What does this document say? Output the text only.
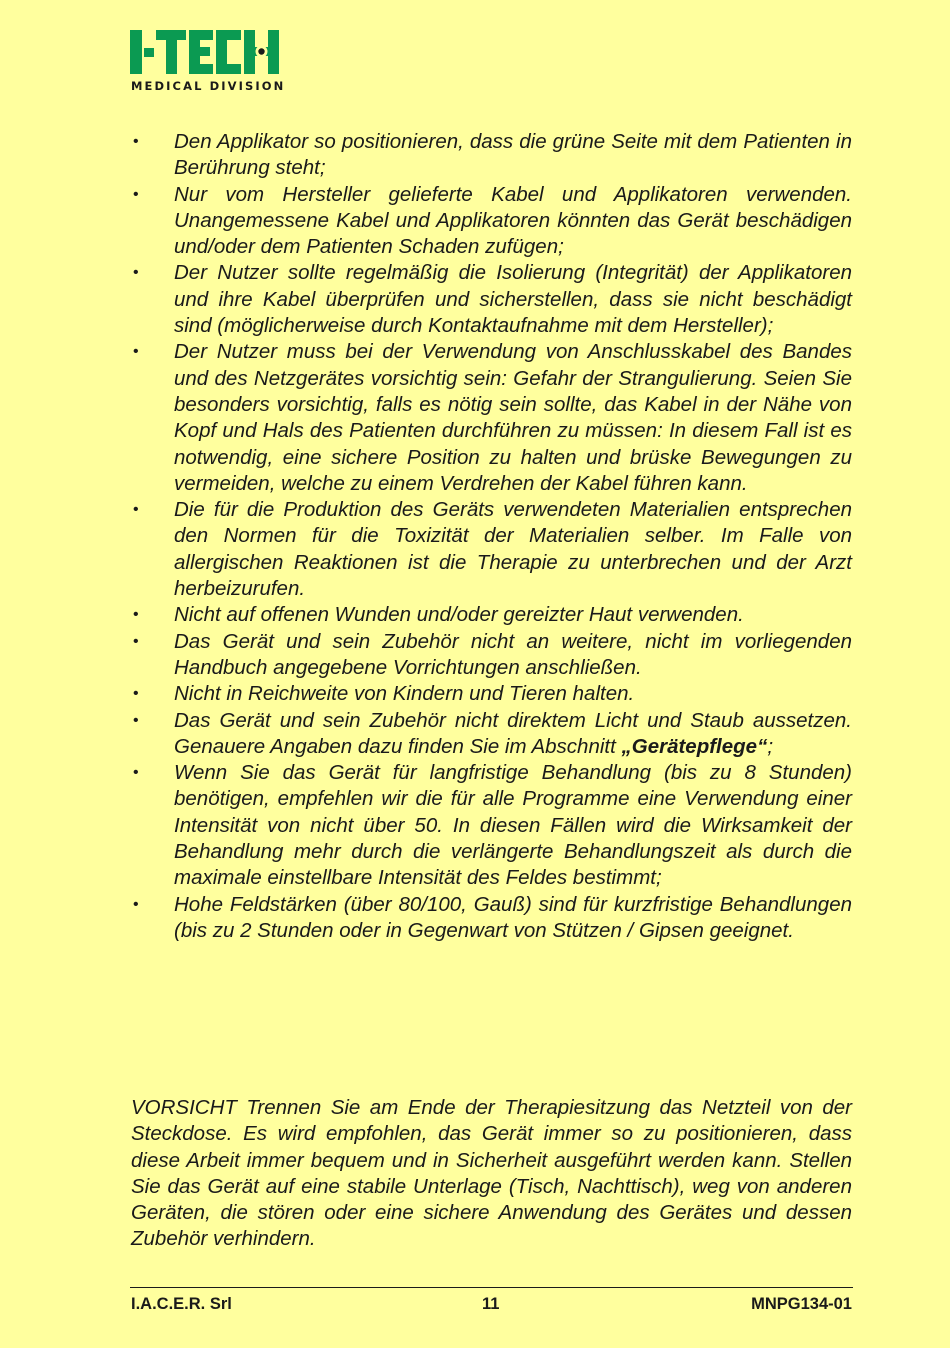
MEDICAL DIVISION
• Den Applikator so positionieren, dass die grüne Seite mit dem Patienten in Berührung steht;
• Nur vom Hersteller gelieferte Kabel und Applikatoren verwenden. Unangemessene Kabel und Applikatoren könnten das Gerät beschädigen und/oder dem Patienten Schaden zufügen;
• Der Nutzer sollte regelmäßig die Isolierung (Integrität) der Applikatoren und ihre Kabel überprüfen und sicherstellen, dass sie nicht beschädigt sind (möglicherweise durch Kontaktaufnahme mit dem Hersteller);
• Der Nutzer muss bei der Verwendung von Anschlusskabel des Bandes und des Netzgerätes vorsichtig sein: Gefahr der Strangulierung. Seien Sie besonders vorsichtig, falls es nötig sein sollte, das Kabel in der Nähe von Kopf und Hals des Patienten durchführen zu müssen: In diesem Fall ist es notwendig, eine sichere Position zu halten und brüske Bewegungen zu vermeiden, welche zu einem Verdrehen der Kabel führen kann.
• Die für die Produktion des Geräts verwendeten Materialien entsprechen den Normen für die Toxizität der Materialien selber. Im Falle von allergischen Reaktionen ist die Therapie zu unterbrechen und der Arzt herbeizurufen.
• Nicht auf offenen Wunden und/oder gereizter Haut verwenden.
• Das Gerät und sein Zubehör nicht an weitere, nicht im vorliegenden Handbuch angegebene Vorrichtungen anschließen.
• Nicht in Reichweite von Kindern und Tieren halten.
• Das Gerät und sein Zubehör nicht direktem Licht und Staub aussetzen. Genauere Angaben dazu finden Sie im Abschnitt „Gerätepflege“;
• Wenn Sie das Gerät für langfristige Behandlung (bis zu 8 Stunden) benötigen, empfehlen wir die für alle Programme eine Verwendung einer Intensität von nicht über 50. In diesen Fällen wird die Wirksamkeit der Behandlung mehr durch die verlängerte Behandlungszeit als durch die maximale einstellbare Intensität des Feldes bestimmt;
• Hohe Feldstärken (über 80/100, Gauß) sind für kurzfristige Behandlungen (bis zu 2 Stunden oder in Gegenwart von Stützen / Gipsen geeignet.

VORSICHT Trennen Sie am Ende der Therapiesitzung das Netzteil von der Steckdose. Es wird empfohlen, das Gerät immer so zu positionieren, dass diese Arbeit immer bequem und in Sicherheit ausgeführt werden kann. Stellen Sie das Gerät auf eine stabile Unterlage (Tisch, Nachttisch), weg von anderen Geräten, die stören oder eine sichere Anwendung des Gerätes und dessen Zubehör verhindern.

I.A.C.E.R. Srl	11	MNPG134-01
